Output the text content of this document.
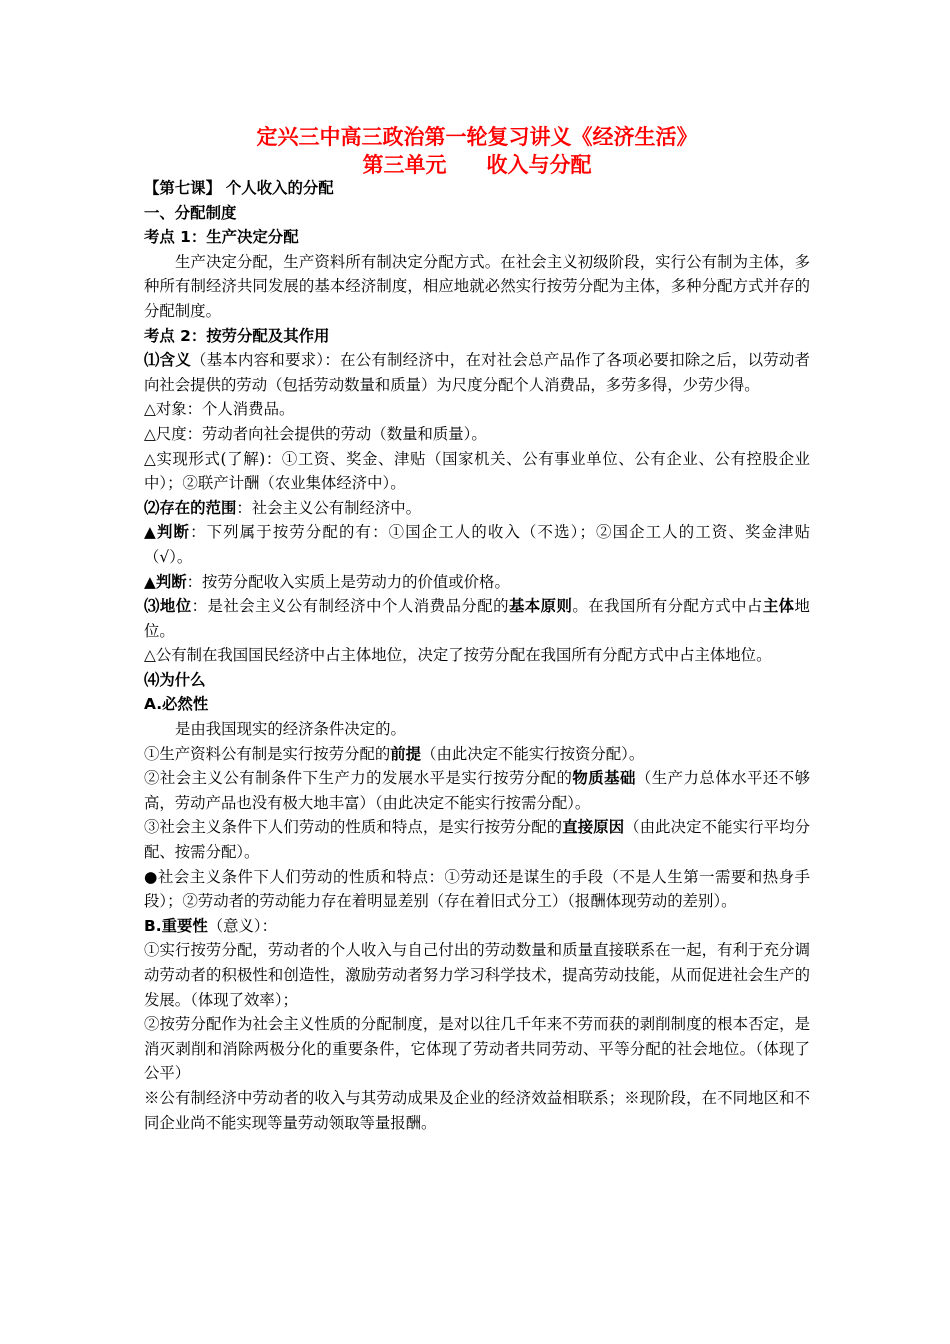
定兴三中高三政治第一轮复习讲义《经济生活》
第三单元 收入与分配

【第七课】 个人收入的分配

一、分配制度

考点 1：生产决定分配

生产决定分配，生产资料所有制决定分配方式。在社会主义初级阶段，实行公有制为主体，多种所有制经济共同发展的基本经济制度，相应地就必然实行按劳分配为主体，多种分配方式并存的分配制度。

考点 2：按劳分配及其作用

⑴含义（基本内容和要求）：在公有制经济中，在对社会总产品作了各项必要扣除之后，以劳动者向社会提供的劳动（包括劳动数量和质量）为尺度分配个人消费品，多劳多得，少劳少得。

△对象：个人消费品。

△尺度：劳动者向社会提供的劳动（数量和质量）。

△实现形式(了解)：①工资、奖金、津贴（国家机关、公有事业单位、公有企业、公有控股企业中）；②联产计酬（农业集体经济中）。

⑵存在的范围：社会主义公有制经济中。

▲判断：下列属于按劳分配的有：①国企工人的收入（不选）；②国企工人的工资、奖金津贴（√）。

▲判断：按劳分配收入实质上是劳动力的价值或价格。

⑶地位：是社会主义公有制经济中个人消费品分配的基本原则。在我国所有分配方式中占主体地位。

△公有制在我国国民经济中占主体地位，决定了按劳分配在我国所有分配方式中占主体地位。

⑷为什么

A.必然性

是由我国现实的经济条件决定的。

①生产资料公有制是实行按劳分配的前提（由此决定不能实行按资分配）。

②社会主义公有制条件下生产力的发展水平是实行按劳分配的物质基础（生产力总体水平还不够高，劳动产品也没有极大地丰富）（由此决定不能实行按需分配）。

③社会主义条件下人们劳动的性质和特点，是实行按劳分配的直接原因（由此决定不能实行平均分配、按需分配）。

●社会主义条件下人们劳动的性质和特点：①劳动还是谋生的手段（不是人生第一需要和热身手段）；②劳动者的劳动能力存在着明显差别（存在着旧式分工）（报酬体现劳动的差别）。

B.重要性（意义）：

①实行按劳分配，劳动者的个人收入与自己付出的劳动数量和质量直接联系在一起，有利于充分调动劳动者的积极性和创造性，激励劳动者努力学习科学技术，提高劳动技能，从而促进社会生产的发展。（体现了效率）；

②按劳分配作为社会主义性质的分配制度，是对以往几千年来不劳而获的剥削制度的根本否定，是消灭剥削和消除两极分化的重要条件，它体现了劳动者共同劳动、平等分配的社会地位。（体现了公平）

※公有制经济中劳动者的收入与其劳动成果及企业的经济效益相联系；※现阶段，在不同地区和不同企业尚不能实现等量劳动领取等量报酬。
